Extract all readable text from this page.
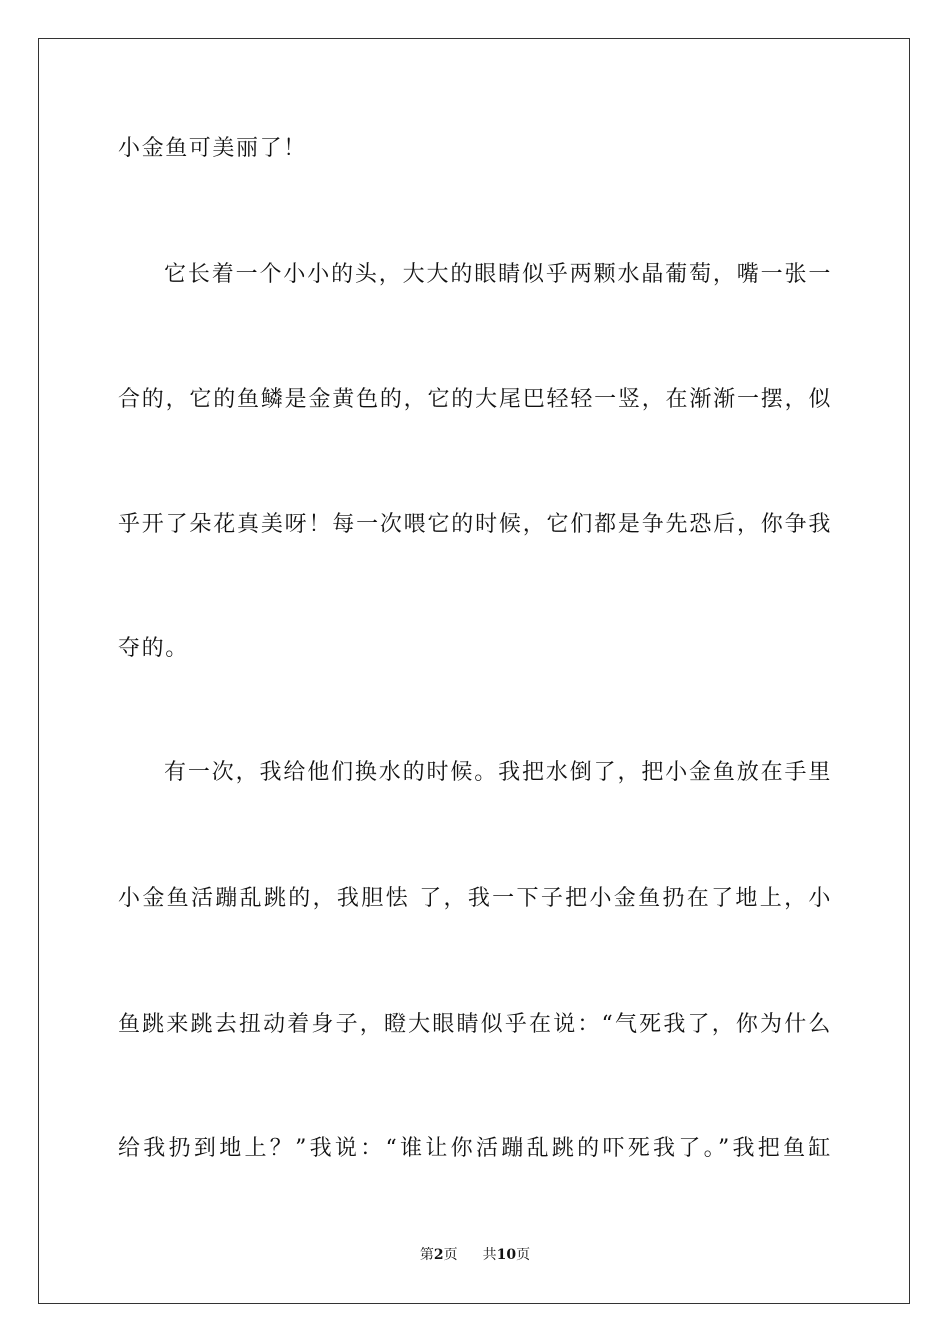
小金鱼可美丽了！
它长着一个小小的头，大大的眼睛似乎两颗水晶葡萄，嘴一张一
合的，它的鱼鳞是金黄色的，它的大尾巴轻轻一竖，在渐渐一摆，似
乎开了朵花真美呀！每一次喂它的时候，它们都是争先恐后，你争我
夺的。
有一次，我给他们换水的时候。我把水倒了，把小金鱼放在手里
小金鱼活蹦乱跳的，我胆怯 了，我一下子把小金鱼扔在了地上，小
鱼跳来跳去扭动着身子，瞪大眼睛似乎在说：“气死我了，你为什么
给我扔到地上？”我说：“谁让你活蹦乱跳的吓死我了。”我把鱼缸
第2页 共10页
